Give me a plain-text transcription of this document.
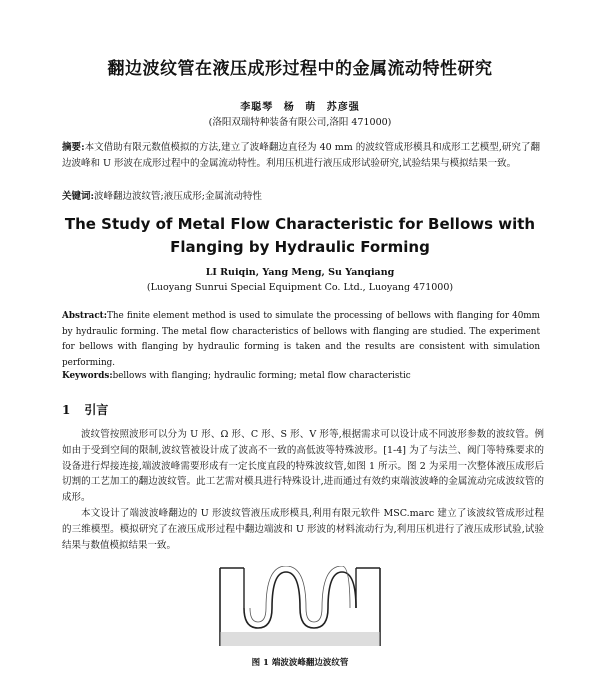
翻边波纹管在液压成形过程中的金属流动特性研究
李聪琴 杨 萌 苏彦强
(洛阳双瑞特种装备有限公司,洛阳 471000)
摘要:本文借助有限元数值模拟的方法,建立了波峰翻边直径为 40 mm 的波纹管成形模具和成形工艺模型,研究了翻边波峰和 U 形波在成形过程中的金属流动特性。利用压机进行液压成形试验研究,试验结果与模拟结果一致。
关键词:波峰翻边波纹管;液压成形;金属流动特性
The Study of Metal Flow Characteristic for Bellows with Flanging by Hydraulic Forming
LI Ruiqin, Yang Meng, Su Yanqiang
(Luoyang Sunrui Special Equipment Co. Ltd., Luoyang 471000)
Abstract:The finite element method is used to simulate the processing of bellows with flanging for 40mm by hydraulic forming. The metal flow characteristics of bellows with flanging are studied. The experiment for bellows with flanging by hydraulic forming is taken and the results are consistent with simulation performing.
Keywords:bellows with flanging; hydraulic forming; metal flow characteristic
1 引言

波纹管按照波形可以分为 U 形、Ω 形、C 形、S 形、V 形等,根据需求可以设计成不同波形参数的波纹管。例如由于受到空间的限制,波纹管被设计成了波高不一致的高低波等特殊波形。[1-4] 为了与法兰、阀门等特殊要求的设备进行焊接连接,端波波峰需要形成有一定长度直段的特殊波纹管,如图 1 所示。图 2 为采用一次整体液压成形后切割的工艺加工的翻边波纹管。此工艺需对模具进行特殊设计,进而通过有效约束端波波峰的金属流动完成波纹管的成形。

本文设计了端波波峰翻边的 U 形波纹管液压成形模具,利用有限元软件 MSC.marc 建立了该波纹管成形过程的三维模型。模拟研究了在液压成形过程中翻边端波和 U 形波的材料流动行为,利用压机进行了液压成形试验,试验结果与数值模拟结果一致。

图 1 端波波峰翻边波纹管
